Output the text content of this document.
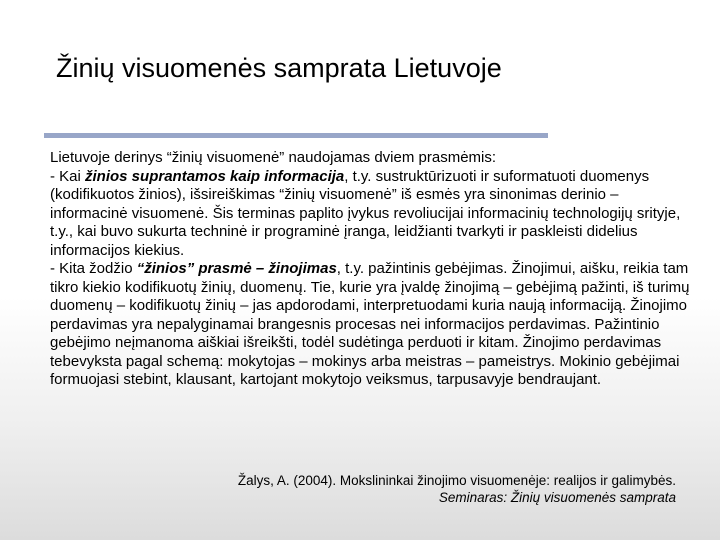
Žinių visuomenės samprata Lietuvoje

Lietuvoje derinys “žinių visuomenė” naudojamas dviem prasmėmis:

- Kai žinios suprantamos kaip informacija, t.y. sustruktūrizuoti ir suformatuoti duomenys (kodifikuotos žinios), išsireiškimas “žinių visuomenė” iš esmės yra sinonimas derinio – informacinė visuomenė. Šis terminas paplito įvykus revoliucijai informacinių technologijų srityje, t.y., kai buvo sukurta techninė ir programinė įranga, leidžianti tvarkyti ir paskleisti didelius informacijos kiekius.

- Kita žodžio “žinios” prasmė – žinojimas, t.y. pažintinis gebėjimas. Žinojimui, aišku, reikia tam tikro kiekio kodifikuotų žinių, duomenų. Tie, kurie yra įvaldę žinojimą – gebėjimą pažinti, iš turimų duomenų – kodifikuotų žinių – jas apdorodami, interpretuodami kuria naują informaciją. Žinojimo perdavimas yra nepalyginamai brangesnis procesas nei informacijos perdavimas. Pažintinio gebėjimo neįmanoma aiškiai išreikšti, todėl sudėtinga perduoti ir kitam. Žinojimo perdavimas tebevyksta pagal schemą: mokytojas – mokinys arba meistras – pameistrys. Mokinio gebėjimai formuojasi stebint, klausant, kartojant mokytojo veiksmus, tarpusavyje bendraujant.

Žalys, A. (2004). Mokslininkai žinojimo visuomenėje: realijos ir galimybės.

Seminaras: Žinių visuomenės samprata
